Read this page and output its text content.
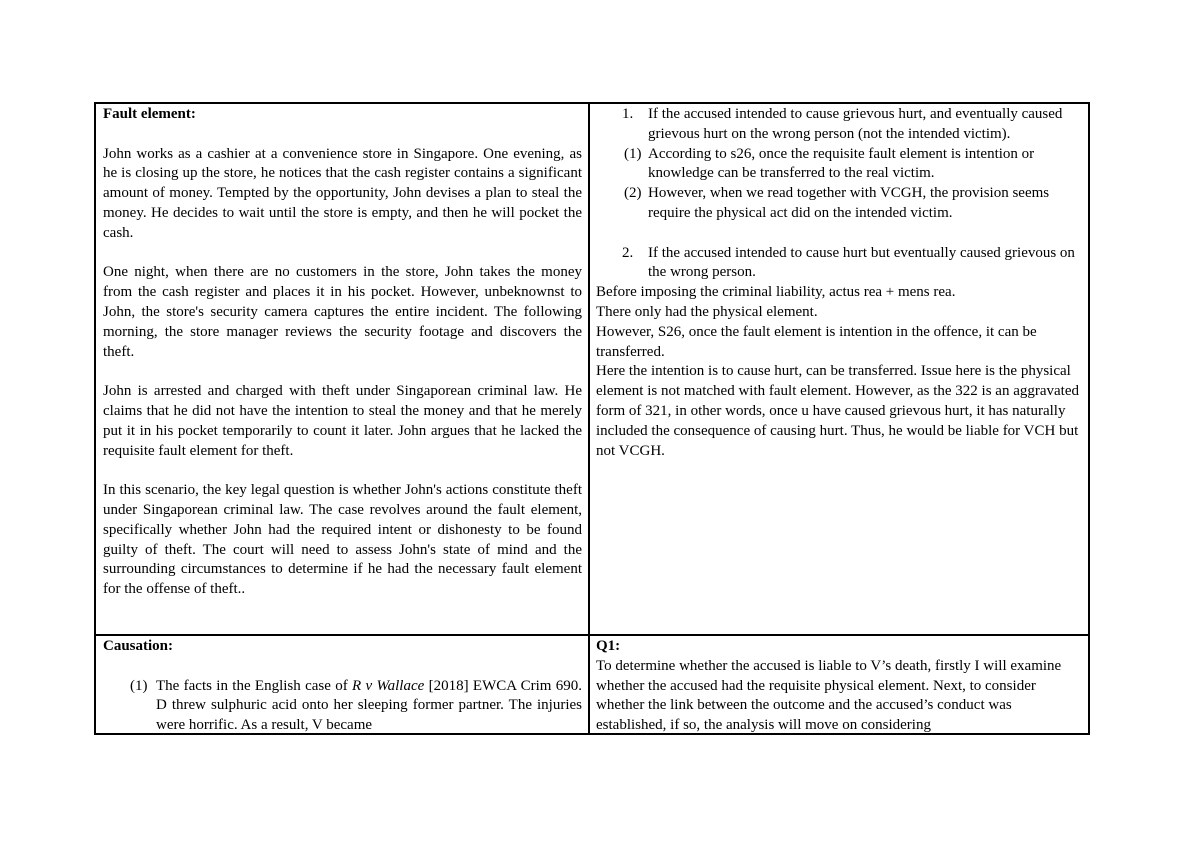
Fault element:

John works as a cashier at a convenience store in Singapore. One evening, as he is closing up the store, he notices that the cash register contains a significant amount of money. Tempted by the opportunity, John devises a plan to steal the money. He decides to wait until the store is empty, and then he will pocket the cash.

One night, when there are no customers in the store, John takes the money from the cash register and places it in his pocket. However, unbeknownst to John, the store's security camera captures the entire incident. The following morning, the store manager reviews the security footage and discovers the theft.

John is arrested and charged with theft under Singaporean criminal law. He claims that he did not have the intention to steal the money and that he merely put it in his pocket temporarily to count it later. John argues that he lacked the requisite fault element for theft.

In this scenario, the key legal question is whether John's actions constitute theft under Singaporean criminal law. The case revolves around the fault element, specifically whether John had the required intent or dishonesty to be found guilty of theft. The court will need to assess John's state of mind and the surrounding circumstances to determine if he had the necessary fault element for the offense of theft..

1. If the accused intended to cause grievous hurt, and eventually caused grievous hurt on the wrong person (not the intended victim).
(1) According to s26, once the requisite fault element is intention or knowledge can be transferred to the real victim.
(2) However, when we read together with VCGH, the provision seems require the physical act did on the intended victim.
2. If the accused intended to cause hurt but eventually caused grievous on the wrong person.

Before imposing the criminal liability, actus rea + mens rea.

There only had the physical element.

However, S26, once the fault element is intention in the offence, it can be transferred.

Here the intention is to cause hurt, can be transferred. Issue here is the physical element is not matched with fault element. However, as the 322 is an aggravated form of 321, in other words, once u have caused grievous hurt, it has naturally included the consequence of causing hurt. Thus, he would be liable for VCH but not VCGH.

Causation:
(1) The facts in the English case of R v Wallace [2018] EWCA Crim 690. D threw sulphuric acid onto her sleeping former partner. The injuries were horrific. As a result, V became
Q1:

To determine whether the accused is liable to V’s death, firstly I will examine whether the accused had the requisite physical element. Next, to consider whether the link between the outcome and the accused’s conduct was established, if so, the analysis will move on considering
